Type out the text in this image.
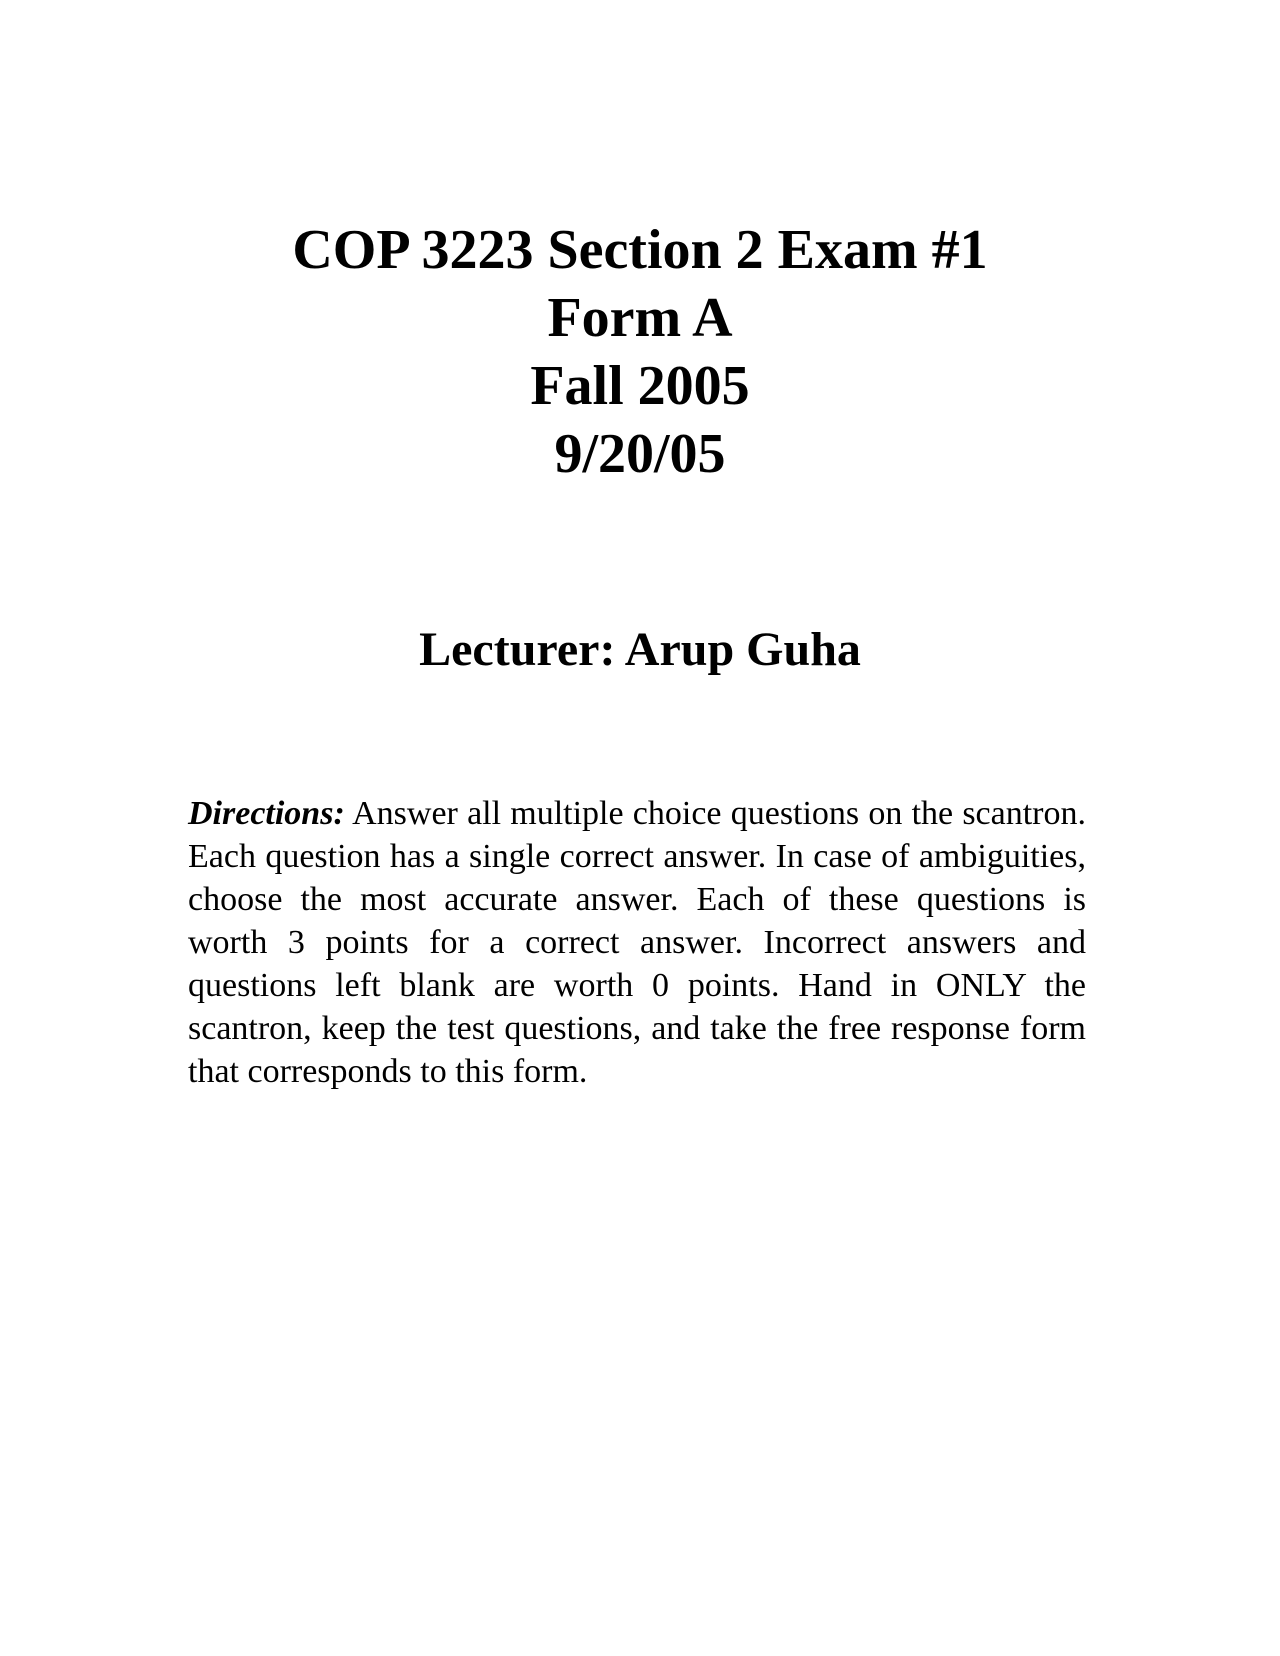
COP 3223 Section 2 Exam #1
Form A
Fall 2005
9/20/05
Lecturer: Arup Guha
Directions: Answer all multiple choice questions on the scantron. Each question has a single correct answer. In case of ambiguities, choose the most accurate answer. Each of these questions is worth 3 points for a correct answer. Incorrect answers and questions left blank are worth 0 points. Hand in ONLY the scantron, keep the test questions, and take the free response form that corresponds to this form.
